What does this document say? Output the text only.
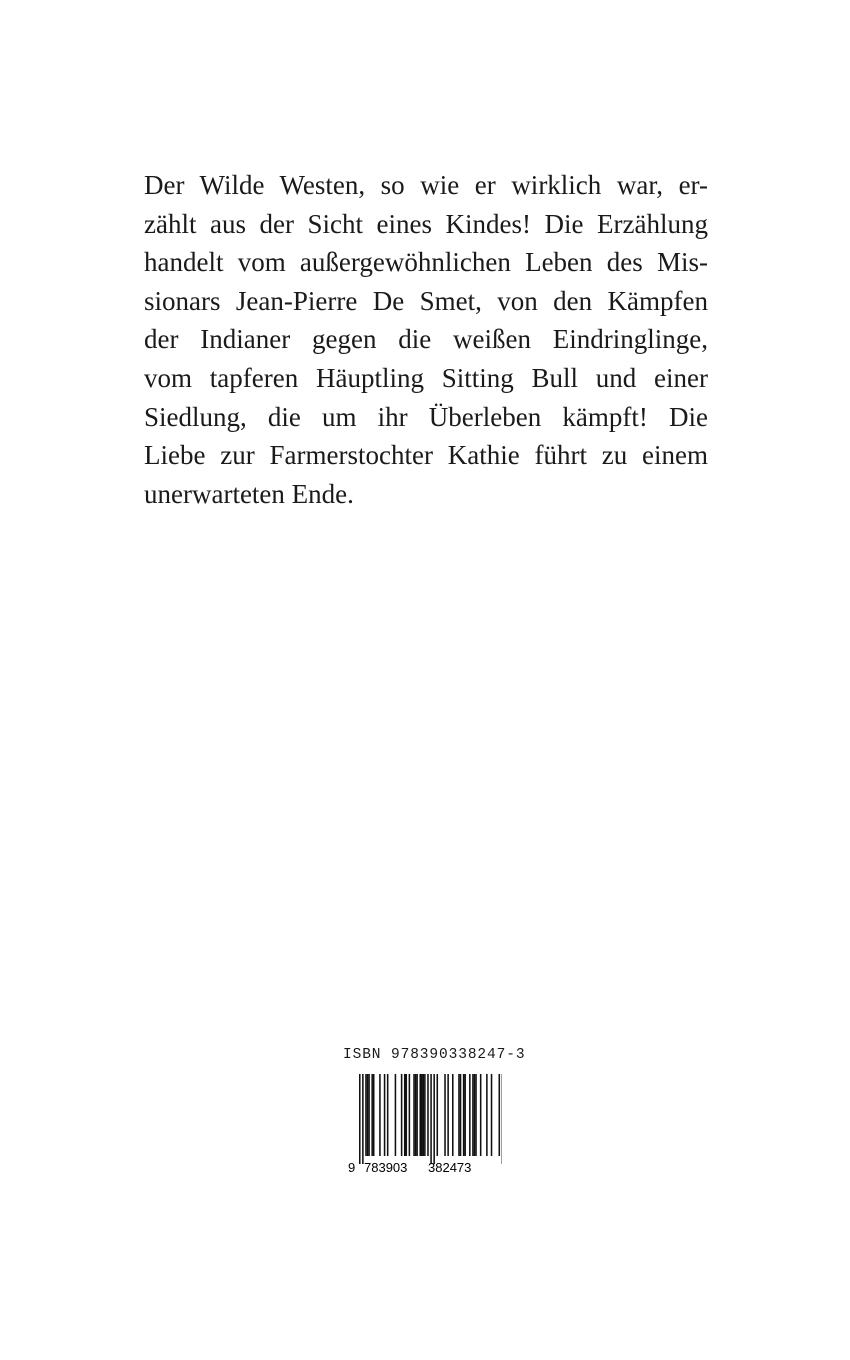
Der Wilde Westen, so wie er wirklich war, er-
zählt aus der Sicht eines Kindes! Die Erzählung
handelt vom außergewöhnlichen Leben des Mis-
sionars Jean-Pierre De Smet, von den Kämpfen
der Indianer gegen die weißen Eindringlinge,
vom tapferen Häuptling Sitting Bull und einer
Siedlung, die um ihr Überleben kämpft! Die
Liebe zur Farmerstochter Kathie führt zu einem
unerwarteten Ende.
ISBN 978390338247-3
9 783903 382473
